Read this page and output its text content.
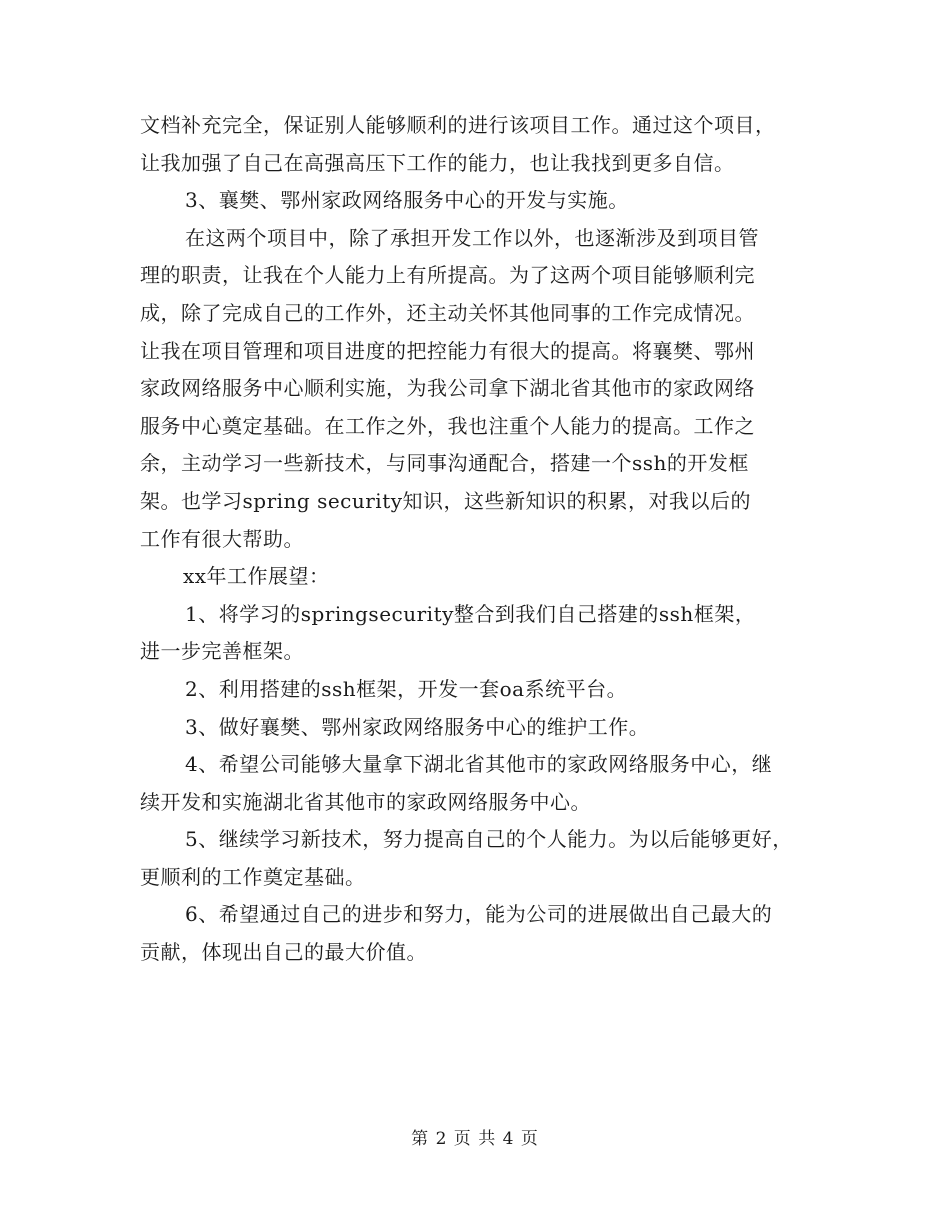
文档补充完全，保证别人能够顺利的进行该项目工作。通过这个项目，
让我加强了自己在高强高压下工作的能力，也让我找到更多自信。
3、襄樊、鄂州家政网络服务中心的开发与实施。
在这两个项目中，除了承担开发工作以外，也逐渐涉及到项目管
理的职责，让我在个人能力上有所提高。为了这两个项目能够顺利完
成，除了完成自己的工作外，还主动关怀其他同事的工作完成情况。
让我在项目管理和项目进度的把控能力有很大的提高。将襄樊、鄂州
家政网络服务中心顺利实施，为我公司拿下湖北省其他市的家政网络
服务中心奠定基础。在工作之外，我也注重个人能力的提高。工作之
余，主动学习一些新技术，与同事沟通配合，搭建一个ssh的开发框
架。也学习spring security知识，这些新知识的积累，对我以后的
工作有很大帮助。
xx年工作展望：
1、将学习的springsecurity整合到我们自己搭建的ssh框架，
进一步完善框架。
2、利用搭建的ssh框架，开发一套oa系统平台。
3、做好襄樊、鄂州家政网络服务中心的维护工作。
4、希望公司能够大量拿下湖北省其他市的家政网络服务中心，继
续开发和实施湖北省其他市的家政网络服务中心。
5、继续学习新技术，努力提高自己的个人能力。为以后能够更好，
更顺利的工作奠定基础。
6、希望通过自己的进步和努力，能为公司的进展做出自己最大的
贡献，体现出自己的最大价值。
第 2 页 共 4 页
